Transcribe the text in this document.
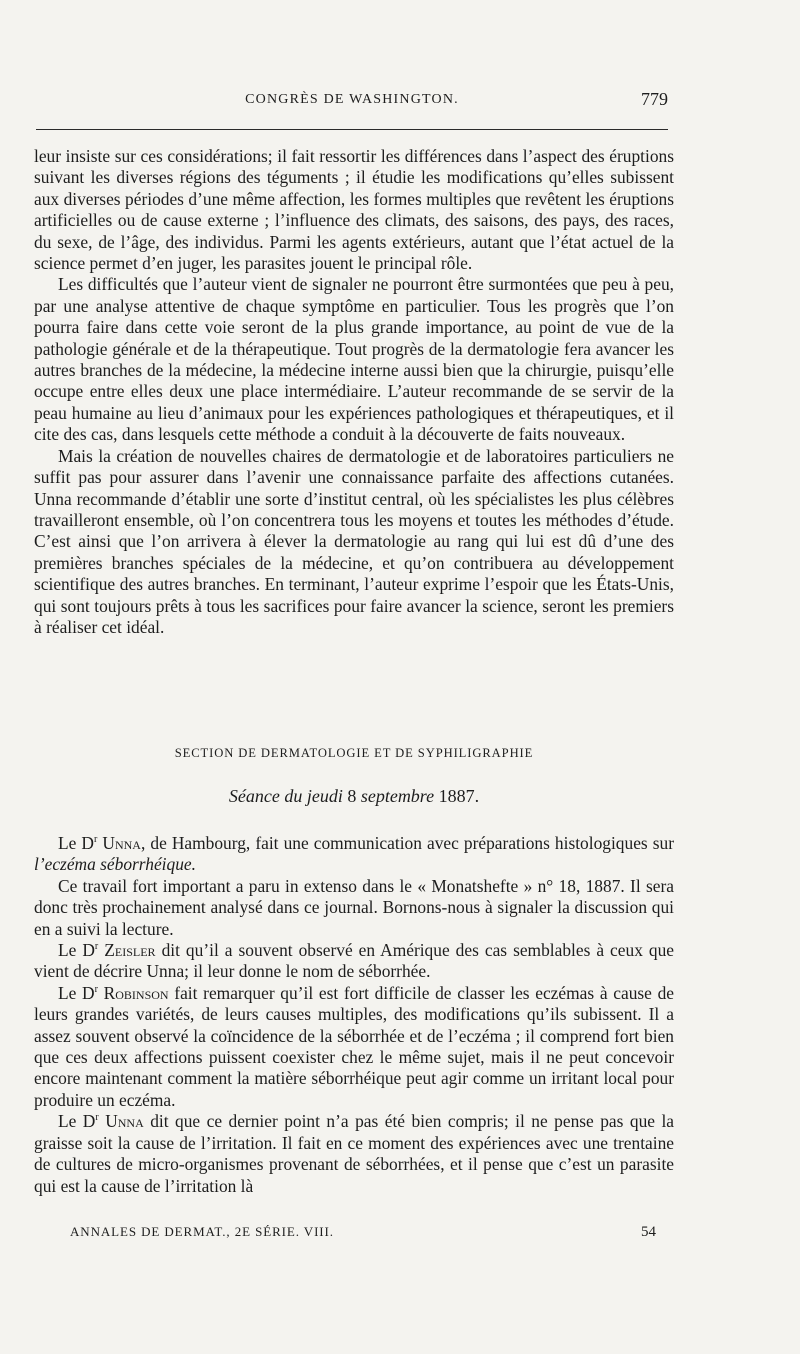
CONGRÈS DE WASHINGTON.	779

leur insiste sur ces considérations; il fait ressortir les différences dans l’aspect des éruptions suivant les diverses régions des téguments ; il étudie les modifications qu’elles subissent aux diverses périodes d’une même affection, les formes multiples que revêtent les éruptions artificielles ou de cause externe ; l’influence des climats, des saisons, des pays, des races, du sexe, de l’âge, des individus. Parmi les agents extérieurs, autant que l’état actuel de la science permet d’en juger, les parasites jouent le principal rôle.

Les difficultés que l’auteur vient de signaler ne pourront être surmontées que peu à peu, par une analyse attentive de chaque symptôme en particulier. Tous les progrès que l’on pourra faire dans cette voie seront de la plus grande importance, au point de vue de la pathologie générale et de la thérapeutique. Tout progrès de la dermatologie fera avancer les autres branches de la médecine, la médecine interne aussi bien que la chirurgie, puisqu’elle occupe entre elles deux une place intermédiaire. L’auteur recommande de se servir de la peau humaine au lieu d’animaux pour les expériences pathologiques et thérapeutiques, et il cite des cas, dans lesquels cette méthode a conduit à la découverte de faits nouveaux.

Mais la création de nouvelles chaires de dermatologie et de laboratoires particuliers ne suffit pas pour assurer dans l’avenir une connaissance parfaite des affections cutanées. Unna recommande d’établir une sorte d’institut central, où les spécialistes les plus célèbres travailleront ensemble, où l’on concentrera tous les moyens et toutes les méthodes d’étude. C’est ainsi que l’on arrivera à élever la dermatologie au rang qui lui est dû d’une des premières branches spéciales de la médecine, et qu’on contribuera au développement scientifique des autres branches. En terminant, l’auteur exprime l’espoir que les États-Unis, qui sont toujours prêts à tous les sacrifices pour faire avancer la science, seront les premiers à réaliser cet idéal.

SECTION DE DERMATOLOGIE ET DE SYPHILIGRAPHIE
Séance du jeudi 8 septembre 1887.

Le $D^r$ Unna, de Hambourg, fait une communication avec préparations histologiques sur l’eczéma séborrhéique.

Ce travail fort important a paru in extenso dans le « Monatshefte » n° 18, 1887. Il sera donc très prochainement analysé dans ce journal. Bornons-nous à signaler la discussion qui en a suivi la lecture.

Le $D^r$ Zeisler dit qu’il a souvent observé en Amérique des cas semblables à ceux que vient de décrire Unna; il leur donne le nom de séborrhée.

Le $D^r$ Robinson fait remarquer qu’il est fort difficile de classer les eczémas à cause de leurs grandes variétés, de leurs causes multiples, des modifications qu’ils subissent. Il a assez souvent observé la coïncidence de la séborrhée et de l’eczéma ; il comprend fort bien que ces deux affections puissent coexister chez le même sujet, mais il ne peut concevoir encore maintenant comment la matière séborrhéique peut agir comme un irritant local pour produire un eczéma.

Le $D^r$ Unna dit que ce dernier point n’a pas été bien compris; il ne pense pas que la graisse soit la cause de l’irritation. Il fait en ce moment des expériences avec une trentaine de cultures de micro-organismes provenant de séborrhées, et il pense que c’est un parasite qui est la cause de l’irritation là

ANNALES DE DERMAT., 2E SÉRIE. VIII.	54
